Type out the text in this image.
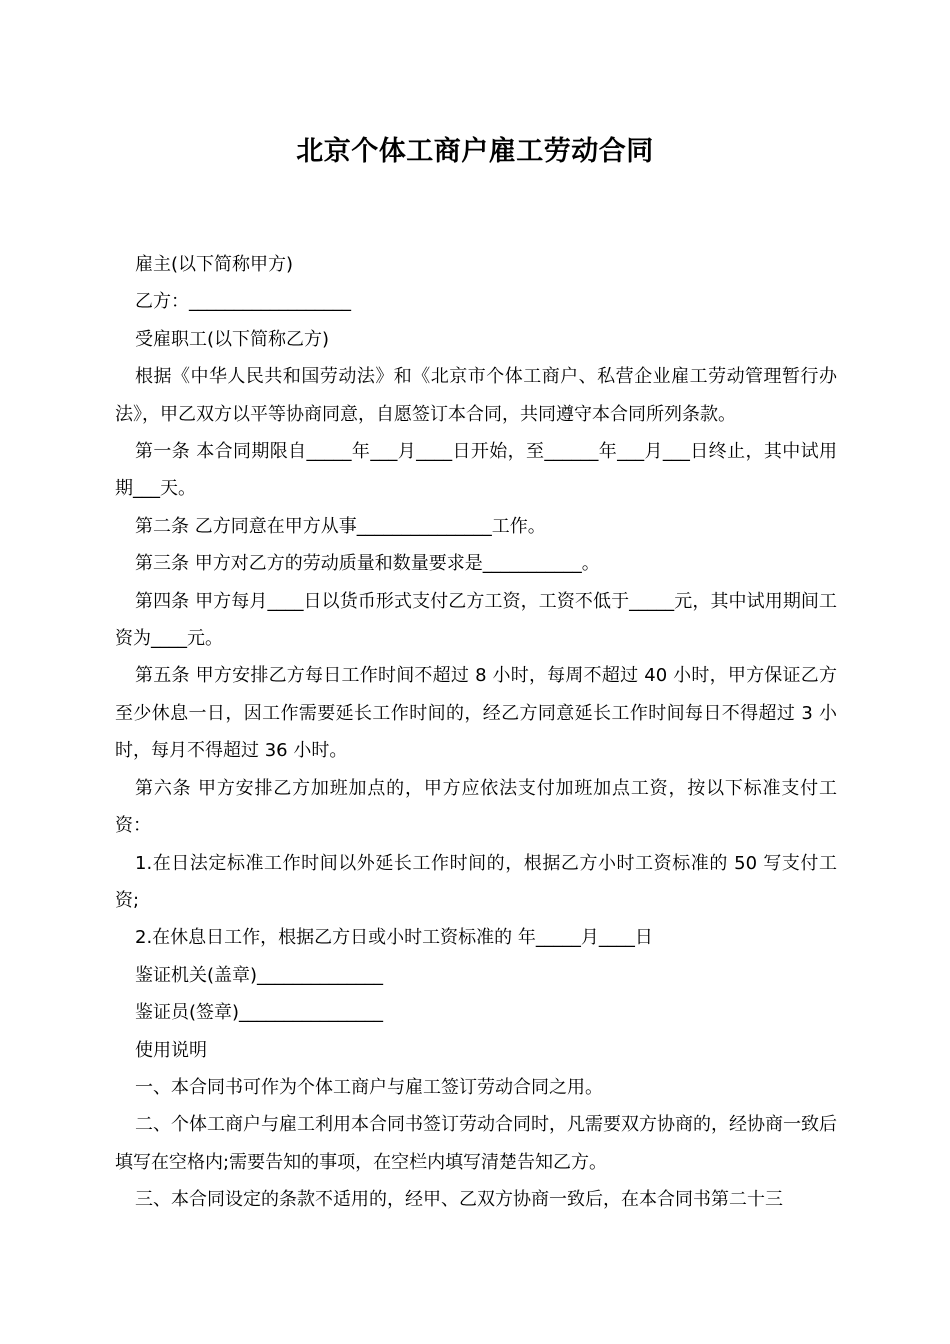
北京个体工商户雇工劳动合同

雇主(以下简称甲方)

乙方：__________________

受雇职工(以下简称乙方)

根据《中华人民共和国劳动法》和《北京市个体工商户、私营企业雇工劳动管理暂行办法》，甲乙双方以平等协商同意，自愿签订本合同，共同遵守本合同所列条款。

第一条 本合同期限自_____年___月____日开始，至______年___月___日终止，其中试用期___天。

第二条 乙方同意在甲方从事_______________工作。

第三条 甲方对乙方的劳动质量和数量要求是___________。

第四条 甲方每月____日以货币形式支付乙方工资，工资不低于_____元，其中试用期间工资为____元。

第五条 甲方安排乙方每日工作时间不超过 8 小时，每周不超过 40 小时，甲方保证乙方至少休息一日，因工作需要延长工作时间的，经乙方同意延长工作时间每日不得超过 3 小时，每月不得超过 36 小时。

第六条 甲方安排乙方加班加点的，甲方应依法支付加班加点工资，按以下标准支付工资：

1.在日法定标准工作时间以外延长工作时间的，根据乙方小时工资标准的 50 写支付工资;

2.在休息日工作，根据乙方日或小时工资标准的 年_____月____日

鉴证机关(盖章)______________

鉴证员(签章)________________

使用说明

一、本合同书可作为个体工商户与雇工签订劳动合同之用。

二、个体工商户与雇工利用本合同书签订劳动合同时，凡需要双方协商的，经协商一致后填写在空格内;需要告知的事项，在空栏内填写清楚告知乙方。

三、本合同设定的条款不适用的，经甲、乙双方协商一致后，在本合同书第二十三
